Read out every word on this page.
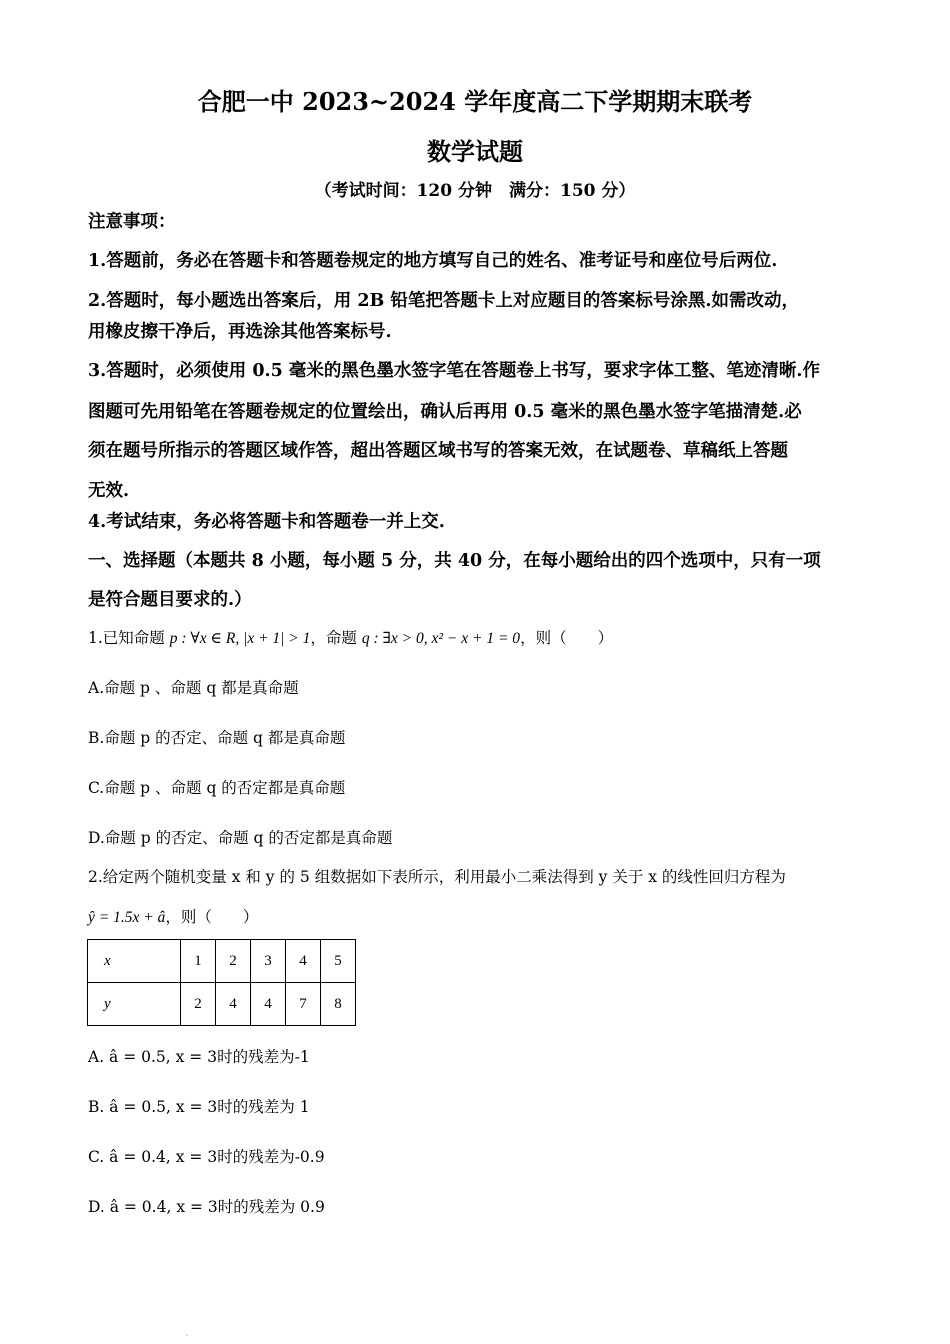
合肥一中 2023~2024 学年度高二下学期期末联考
数学试题
（考试时间：120 分钟　满分：150 分）
注意事项：
1.答题前，务必在答题卡和答题卷规定的地方填写自己的姓名、准考证号和座位号后两位.
2.答题时，每小题选出答案后，用 2B 铅笔把答题卡上对应题目的答案标号涂黑.如需改动，
用橡皮擦干净后，再选涂其他答案标号.
3.答题时，必须使用 0.5 毫米的黑色墨水签字笔在答题卷上书写，要求字体工整、笔迹清晰.作
图题可先用铅笔在答题卷规定的位置绘出，确认后再用 0.5 毫米的黑色墨水签字笔描清楚.必
须在题号所指示的答题区域作答，超出答题区域书写的答案无效，在试题卷、草稿纸上答题
无效.
4.考试结束，务必将答题卡和答题卷一并上交.
一、选择题（本题共 8 小题，每小题 5 分，共 40 分，在每小题给出的四个选项中，只有一项
是符合题目要求的.）
1.已知命题 p : ∀x ∈ R, |x + 1| > 1，命题 q : ∃x > 0, x² − x + 1 = 0，则（　　）
A.命题 p 、命题 q 都是真命题
B.命题 p 的否定、命题 q 都是真命题
C.命题 p 、命题 q 的否定都是真命题
D.命题 p 的否定、命题 q 的否定都是真命题
2.给定两个随机变量 x 和 y 的 5 组数据如下表所示，利用最小二乘法得到 y 关于 x 的线性回归方程为
ŷ = 1.5x + â，则（　　）
x	1	2	3	4	5
y	2	4	4	7	8
A. â = 0.5, x = 3时的残差为-1
B. â = 0.5, x = 3时的残差为 1
C. â = 0.4, x = 3时的残差为-0.9
D. â = 0.4, x = 3时的残差为 0.9
